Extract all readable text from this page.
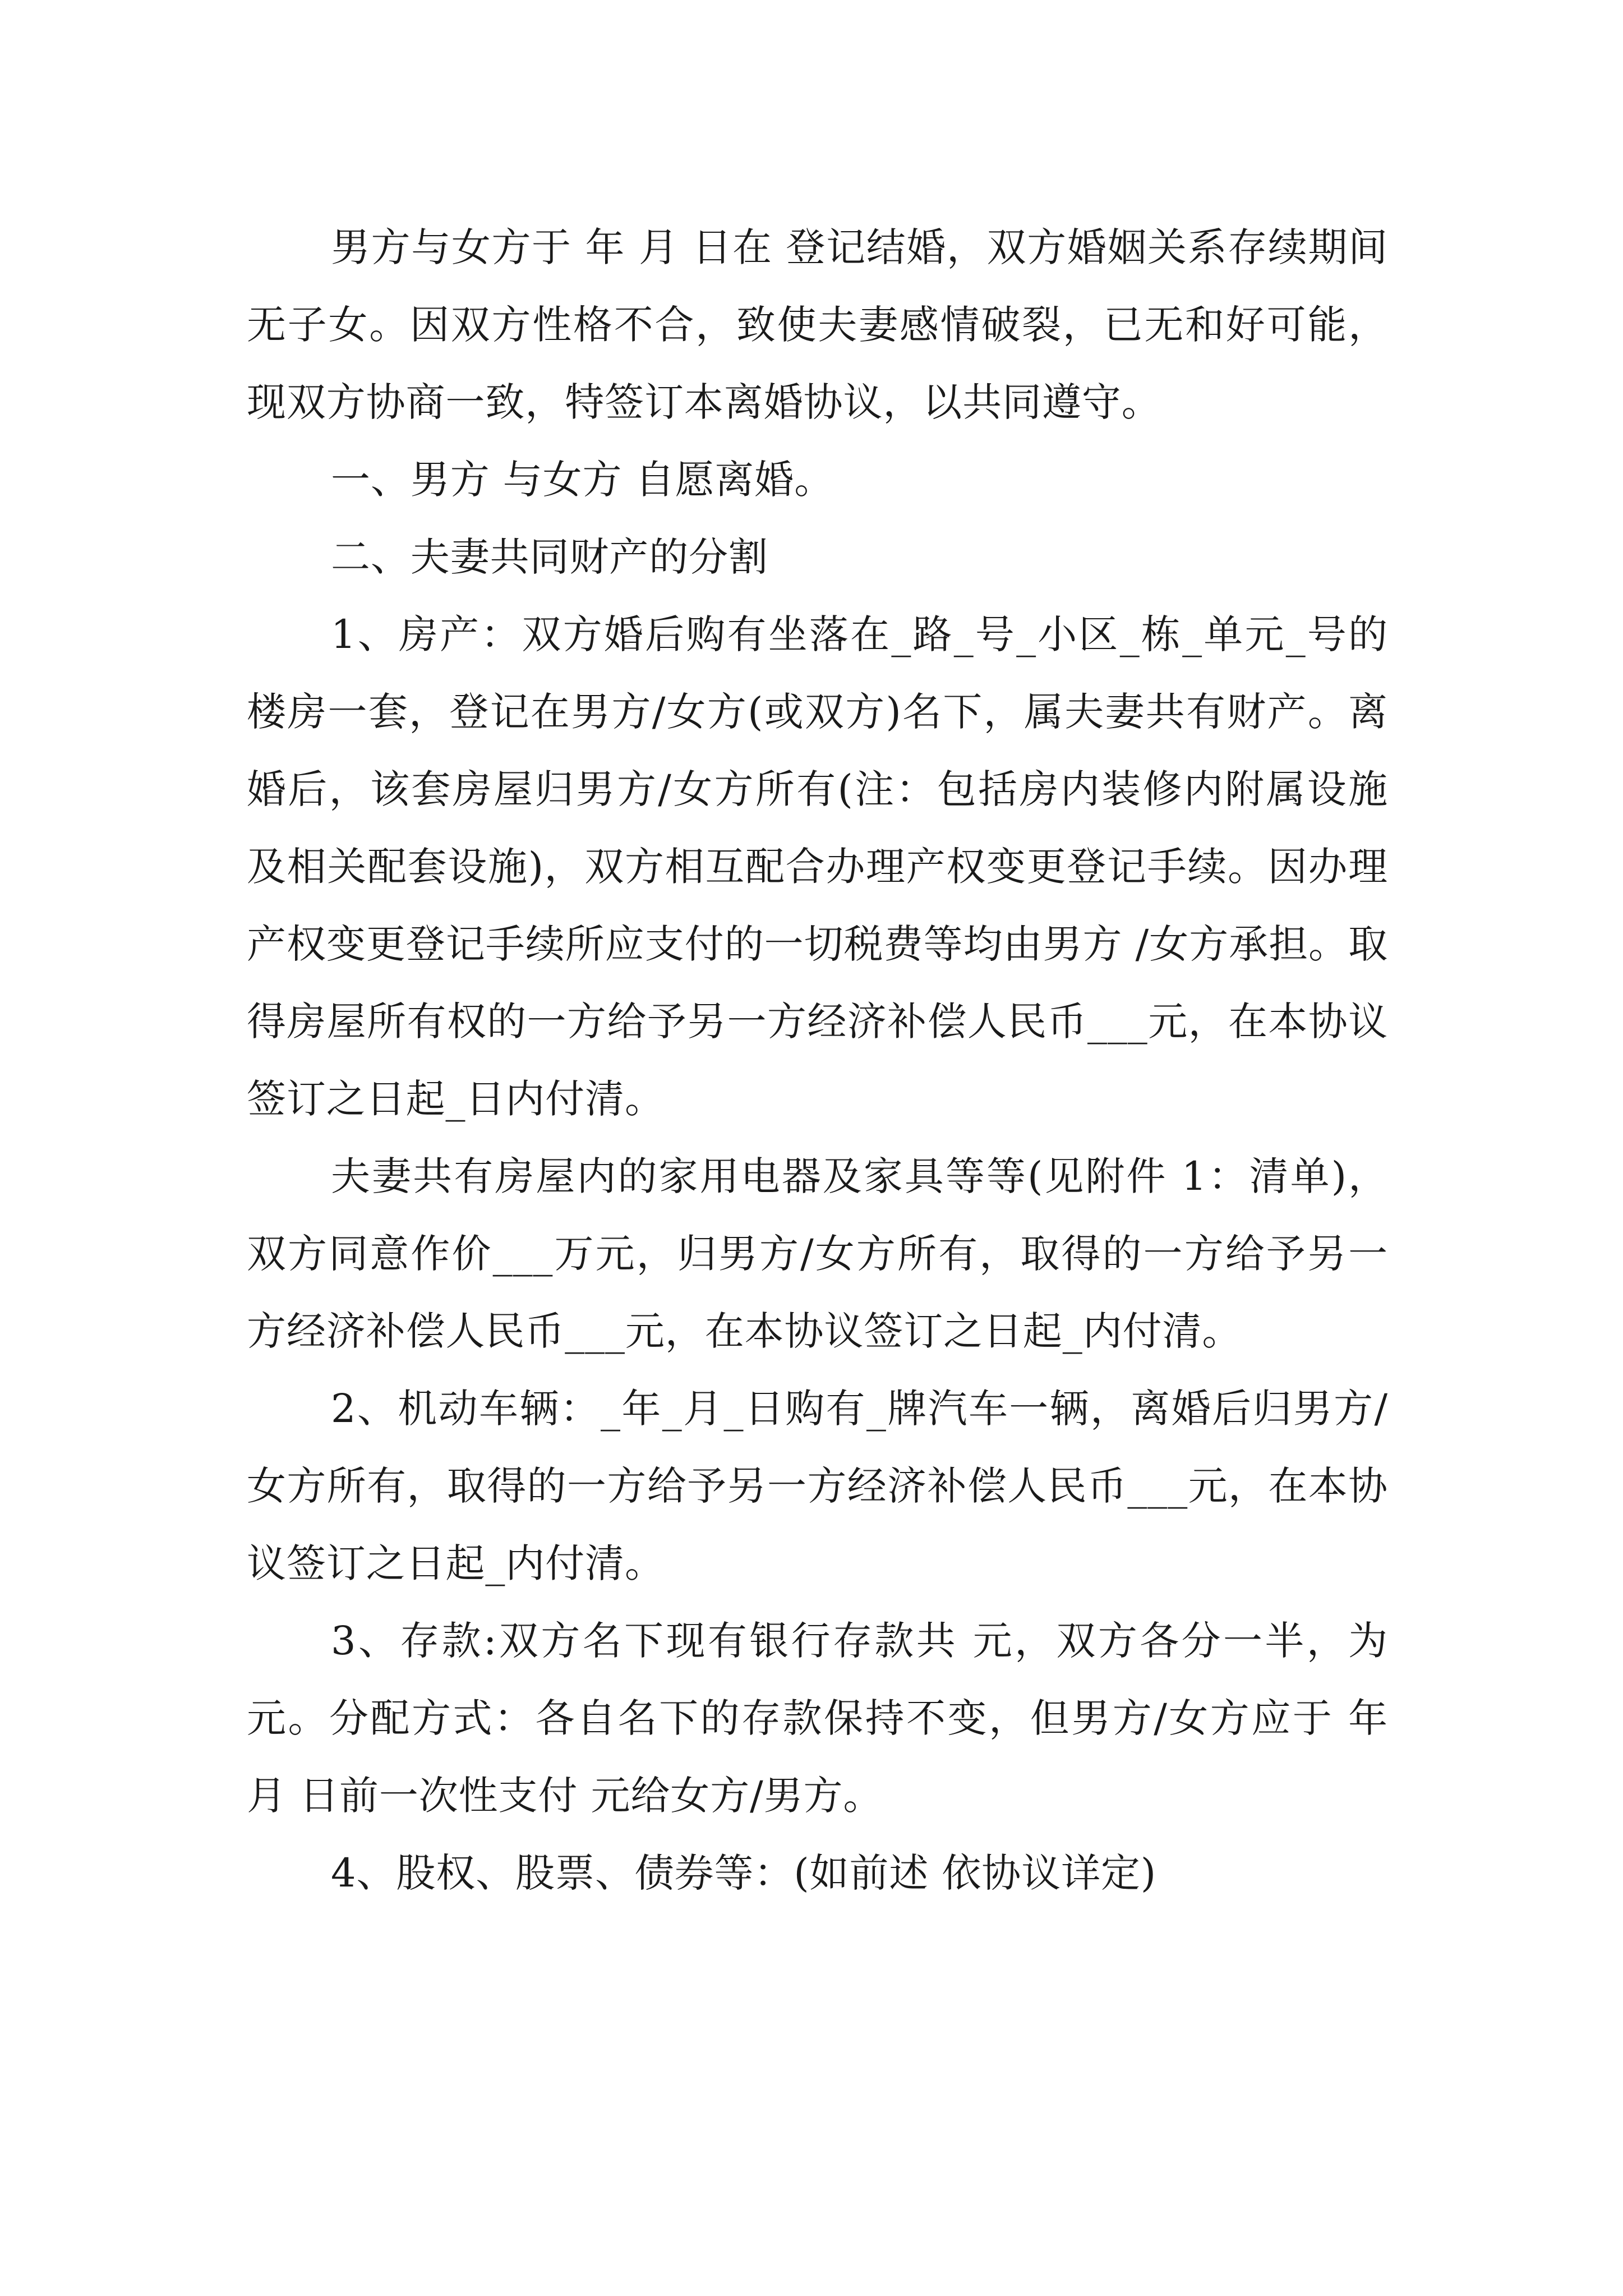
男方与女方于 年 月 日在 登记结婚，双方婚姻关系存续期间无子女。因双方性格不合，致使夫妻感情破裂，已无和好可能，现双方协商一致，特签订本离婚协议，以共同遵守。

一、男方 与女方 自愿离婚。

二、夫妻共同财产的分割

1、房产：双方婚后购有坐落在_路_号_小区_栋_单元_号的楼房一套，登记在男方/女方(或双方)名下，属夫妻共有财产。离婚后，该套房屋归男方/女方所有(注：包括房内装修内附属设施及相关配套设施)，双方相互配合办理产权变更登记手续。因办理产权变更登记手续所应支付的一切税费等均由男方 /女方承担。取得房屋所有权的一方给予另一方经济补偿人民币___元，在本协议签订之日起_日内付清。

夫妻共有房屋内的家用电器及家具等等(见附件 1：清单)，双方同意作价___万元，归男方/女方所有，取得的一方给予另一方经济补偿人民币___元，在本协议签订之日起_内付清。

2、机动车辆：_年_月_日购有_牌汽车一辆，离婚后归男方/女方所有，取得的一方给予另一方经济补偿人民币___元，在本协议签订之日起_内付清。

3、存款:双方名下现有银行存款共 元，双方各分一半，为 元。分配方式：各自名下的存款保持不变，但男方/女方应于 年 月 日前一次性支付 元给女方/男方。

4、股权、股票、债券等：(如前述 依协议详定)
